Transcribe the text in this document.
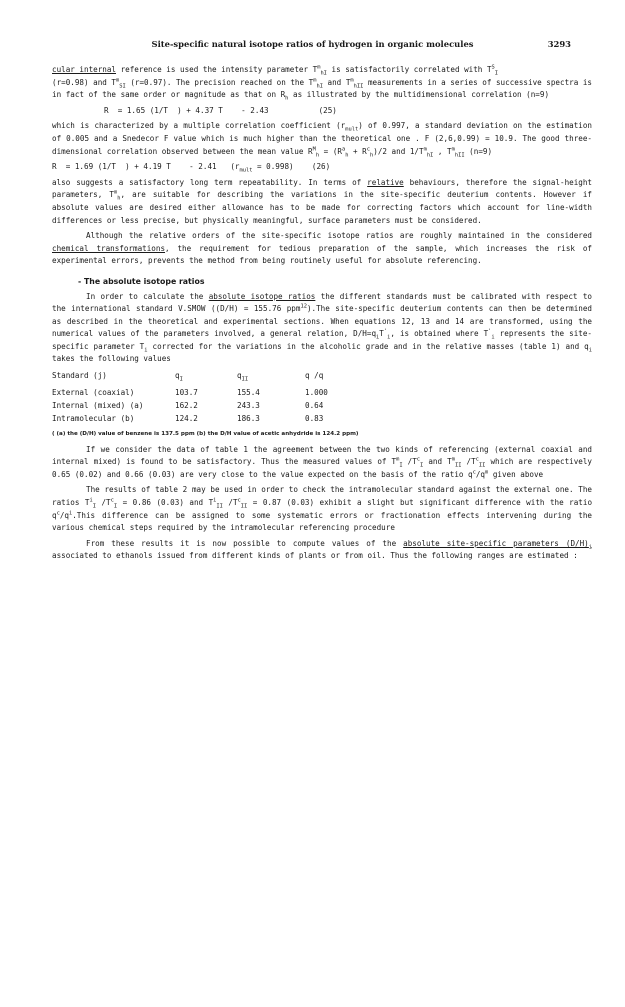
Site-specific natural isotope ratios of hydrogen in organic molecules	3293

cular internal reference is used the intensity parameter $T^m_{hI}$ is satisfactorily correlated with $T^S_I$
(r=0.98) and $T^m_{SI}$ (r=0.97). The precision reached on the $T^m_{hI}$ and $T^m_{hII}$ measurements in a series of successive spectra is in fact of the same order or magnitude as that on $R_h$ as illustrated by the multidimensional correlation (n=9)

R  = 1.65 (1/T  ) + 4.37 T    - 2.43	(25)

which is characterized by a multiple correlation coefficient $(r_{mult})$ of 0.997, a standard deviation on the estimation of 0.005 and a Snedecor F value which is much higher than the theoretical one . F (2,6,0.99) = 10.9. The good three-dimensional correlation observed between the mean value $R^M_h = (R^a_h + R^c_h)/2$ and $1/T^m_{hI}$ , $T^m_{hII}$ (n=9)

R  = 1.69 (1/T  ) + 4.19 T    - 2.41 $(r_{mult} = 0.998)$ (26)

also suggests a satisfactory long term repeatability. In terms of relative behaviours, therefore the signal-height parameters, $T^m_h$, are suitable for describing the variations in the site-specific deuterium contents. However if absolute values are desired either allowance has to be made for correcting factors which account for line-width differences or less precise, but physically meaningful, surface parameters must be considered.

Although the relative orders of the site-specific isotope ratios are roughly maintained in the considered chemical transformations, the requirement for tedious preparation of the sample, which increases the risk of experimental errors, prevents the method from being routinely useful for absolute referencing.

- The absolute isotope ratios

In order to calculate the absolute isotope ratios the different standards must be calibrated with respect to the international standard V.SMOW ((D/H) = 155.76 ppm$^{12}$).The site-specific deuterium contents can then be determined as described in the theoretical and experimental sections. When equations 12, 13 and 14 are transformed, using the numerical values of the parameters involved, a general relation, $D/H=q_iT'_i$, is obtained where $T'_i$ represents the site-specific parameter $T_i$ corrected for the variations in the alcoholic grade and in the relative masses (table 1) and $q_i$ takes the following values

Standard (j)	$q_I$	$q_{II}$	q /q
External (coaxial)	103.7	155.4	1.000
Internal (mixed) (a)	162.2	243.3	0.64
Intramolecular (b)	124.2	186.3	0.83
( (a) the (D/H) value of benzene is 137.5 ppm (b) the D/H value of acetic anhydride is 124.2 ppm)

If we consider the data of table 1 the agreement between the two kinds of referencing (external coaxial and internal mixed) is found to be satisfactory. Thus the measured values of $T^m_I$ $/T^c_I$ and $T^m_{II}$ $/T^c_{II}$ which are respectively 0.65 (0.02) and 0.66 (0.03) are very close to the value expected on the basis of the ratio $q^c/q^m$ given above

The results of table 2 may be used in order to check the intramolecular standard against the external one. The ratios $T^i_I$ $/T^c_I = 0.86$ (0.03) and $T^i_{II}$ $/T^c_{II} = 0.87$ (0.03) exhibit a slight but significant difference with the ratio $q^c/q^i.This$ difference can be assigned to some systematic errors or fractionation effects intervening during the various chemical steps required by the intramolecular referencing procedure

From these results it is now possible to compute values of the absolute site-specific parameters $(D/H)_i$ associated to ethanols issued from different kinds of plants or from oil. Thus the following ranges are estimated :
